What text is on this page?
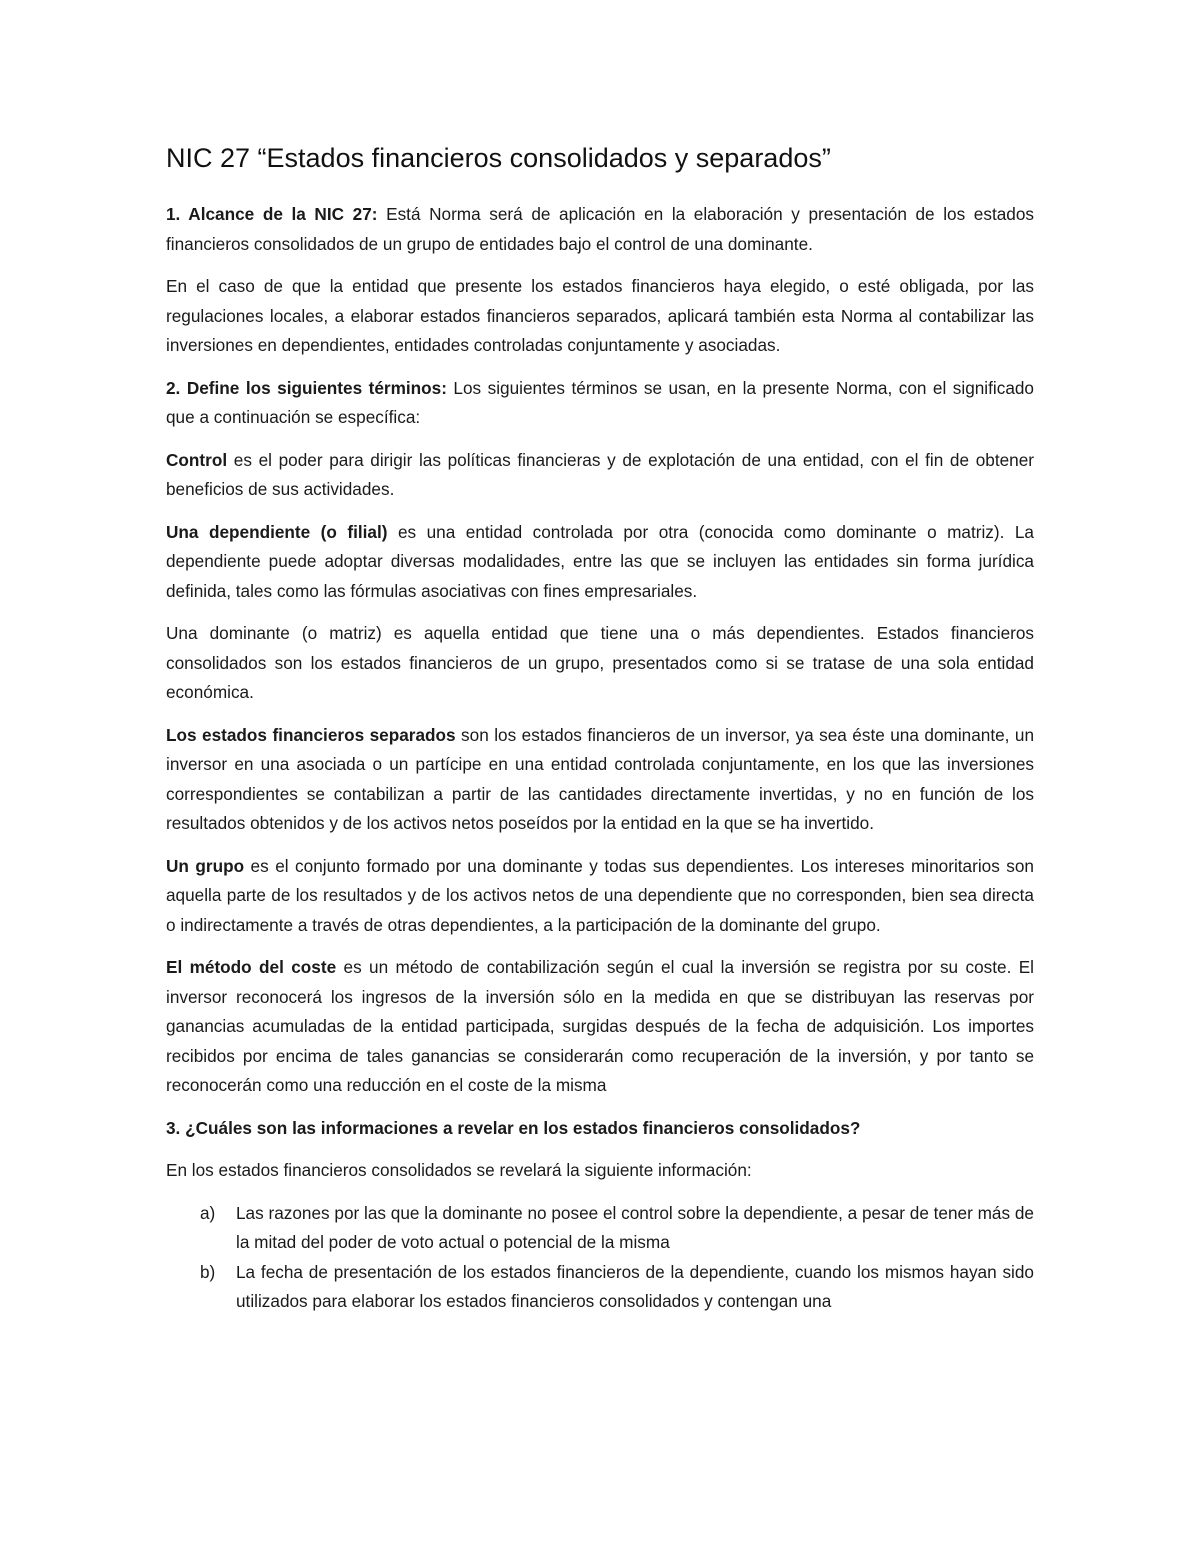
NIC 27 “Estados financieros consolidados y separados”

1. Alcance de la NIC 27: Está Norma será de aplicación en la elaboración y presentación de los estados financieros consolidados de un grupo de entidades bajo el control de una dominante.

En el caso de que la entidad que presente los estados financieros haya elegido, o esté obligada, por las regulaciones locales, a elaborar estados financieros separados, aplicará también esta Norma al contabilizar las inversiones en dependientes, entidades controladas conjuntamente y asociadas.

2. Define los siguientes términos: Los siguientes términos se usan, en la presente Norma, con el significado que a continuación se específica:

Control es el poder para dirigir las políticas financieras y de explotación de una entidad, con el fin de obtener beneficios de sus actividades.

Una dependiente (o filial) es una entidad controlada por otra (conocida como dominante o matriz). La dependiente puede adoptar diversas modalidades, entre las que se incluyen las entidades sin forma jurídica definida, tales como las fórmulas asociativas con fines empresariales.

Una dominante (o matriz) es aquella entidad que tiene una o más dependientes. Estados financieros consolidados son los estados financieros de un grupo, presentados como si se tratase de una sola entidad económica.

Los estados financieros separados son los estados financieros de un inversor, ya sea éste una dominante, un inversor en una asociada o un partícipe en una entidad controlada conjuntamente, en los que las inversiones correspondientes se contabilizan a partir de las cantidades directamente invertidas, y no en función de los resultados obtenidos y de los activos netos poseídos por la entidad en la que se ha invertido.

Un grupo es el conjunto formado por una dominante y todas sus dependientes. Los intereses minoritarios son aquella parte de los resultados y de los activos netos de una dependiente que no corresponden, bien sea directa o indirectamente a través de otras dependientes, a la participación de la dominante del grupo.

El método del coste es un método de contabilización según el cual la inversión se registra por su coste. El inversor reconocerá los ingresos de la inversión sólo en la medida en que se distribuyan las reservas por ganancias acumuladas de la entidad participada, surgidas después de la fecha de adquisición. Los importes recibidos por encima de tales ganancias se considerarán como recuperación de la inversión, y por tanto se reconocerán como una reducción en el coste de la misma

3. ¿Cuáles son las informaciones a revelar en los estados financieros consolidados?

En los estados financieros consolidados se revelará la siguiente información:

a) Las razones por las que la dominante no posee el control sobre la dependiente, a pesar de tener más de la mitad del poder de voto actual o potencial de la misma
b) La fecha de presentación de los estados financieros de la dependiente, cuando los mismos hayan sido utilizados para elaborar los estados financieros consolidados y contengan una
